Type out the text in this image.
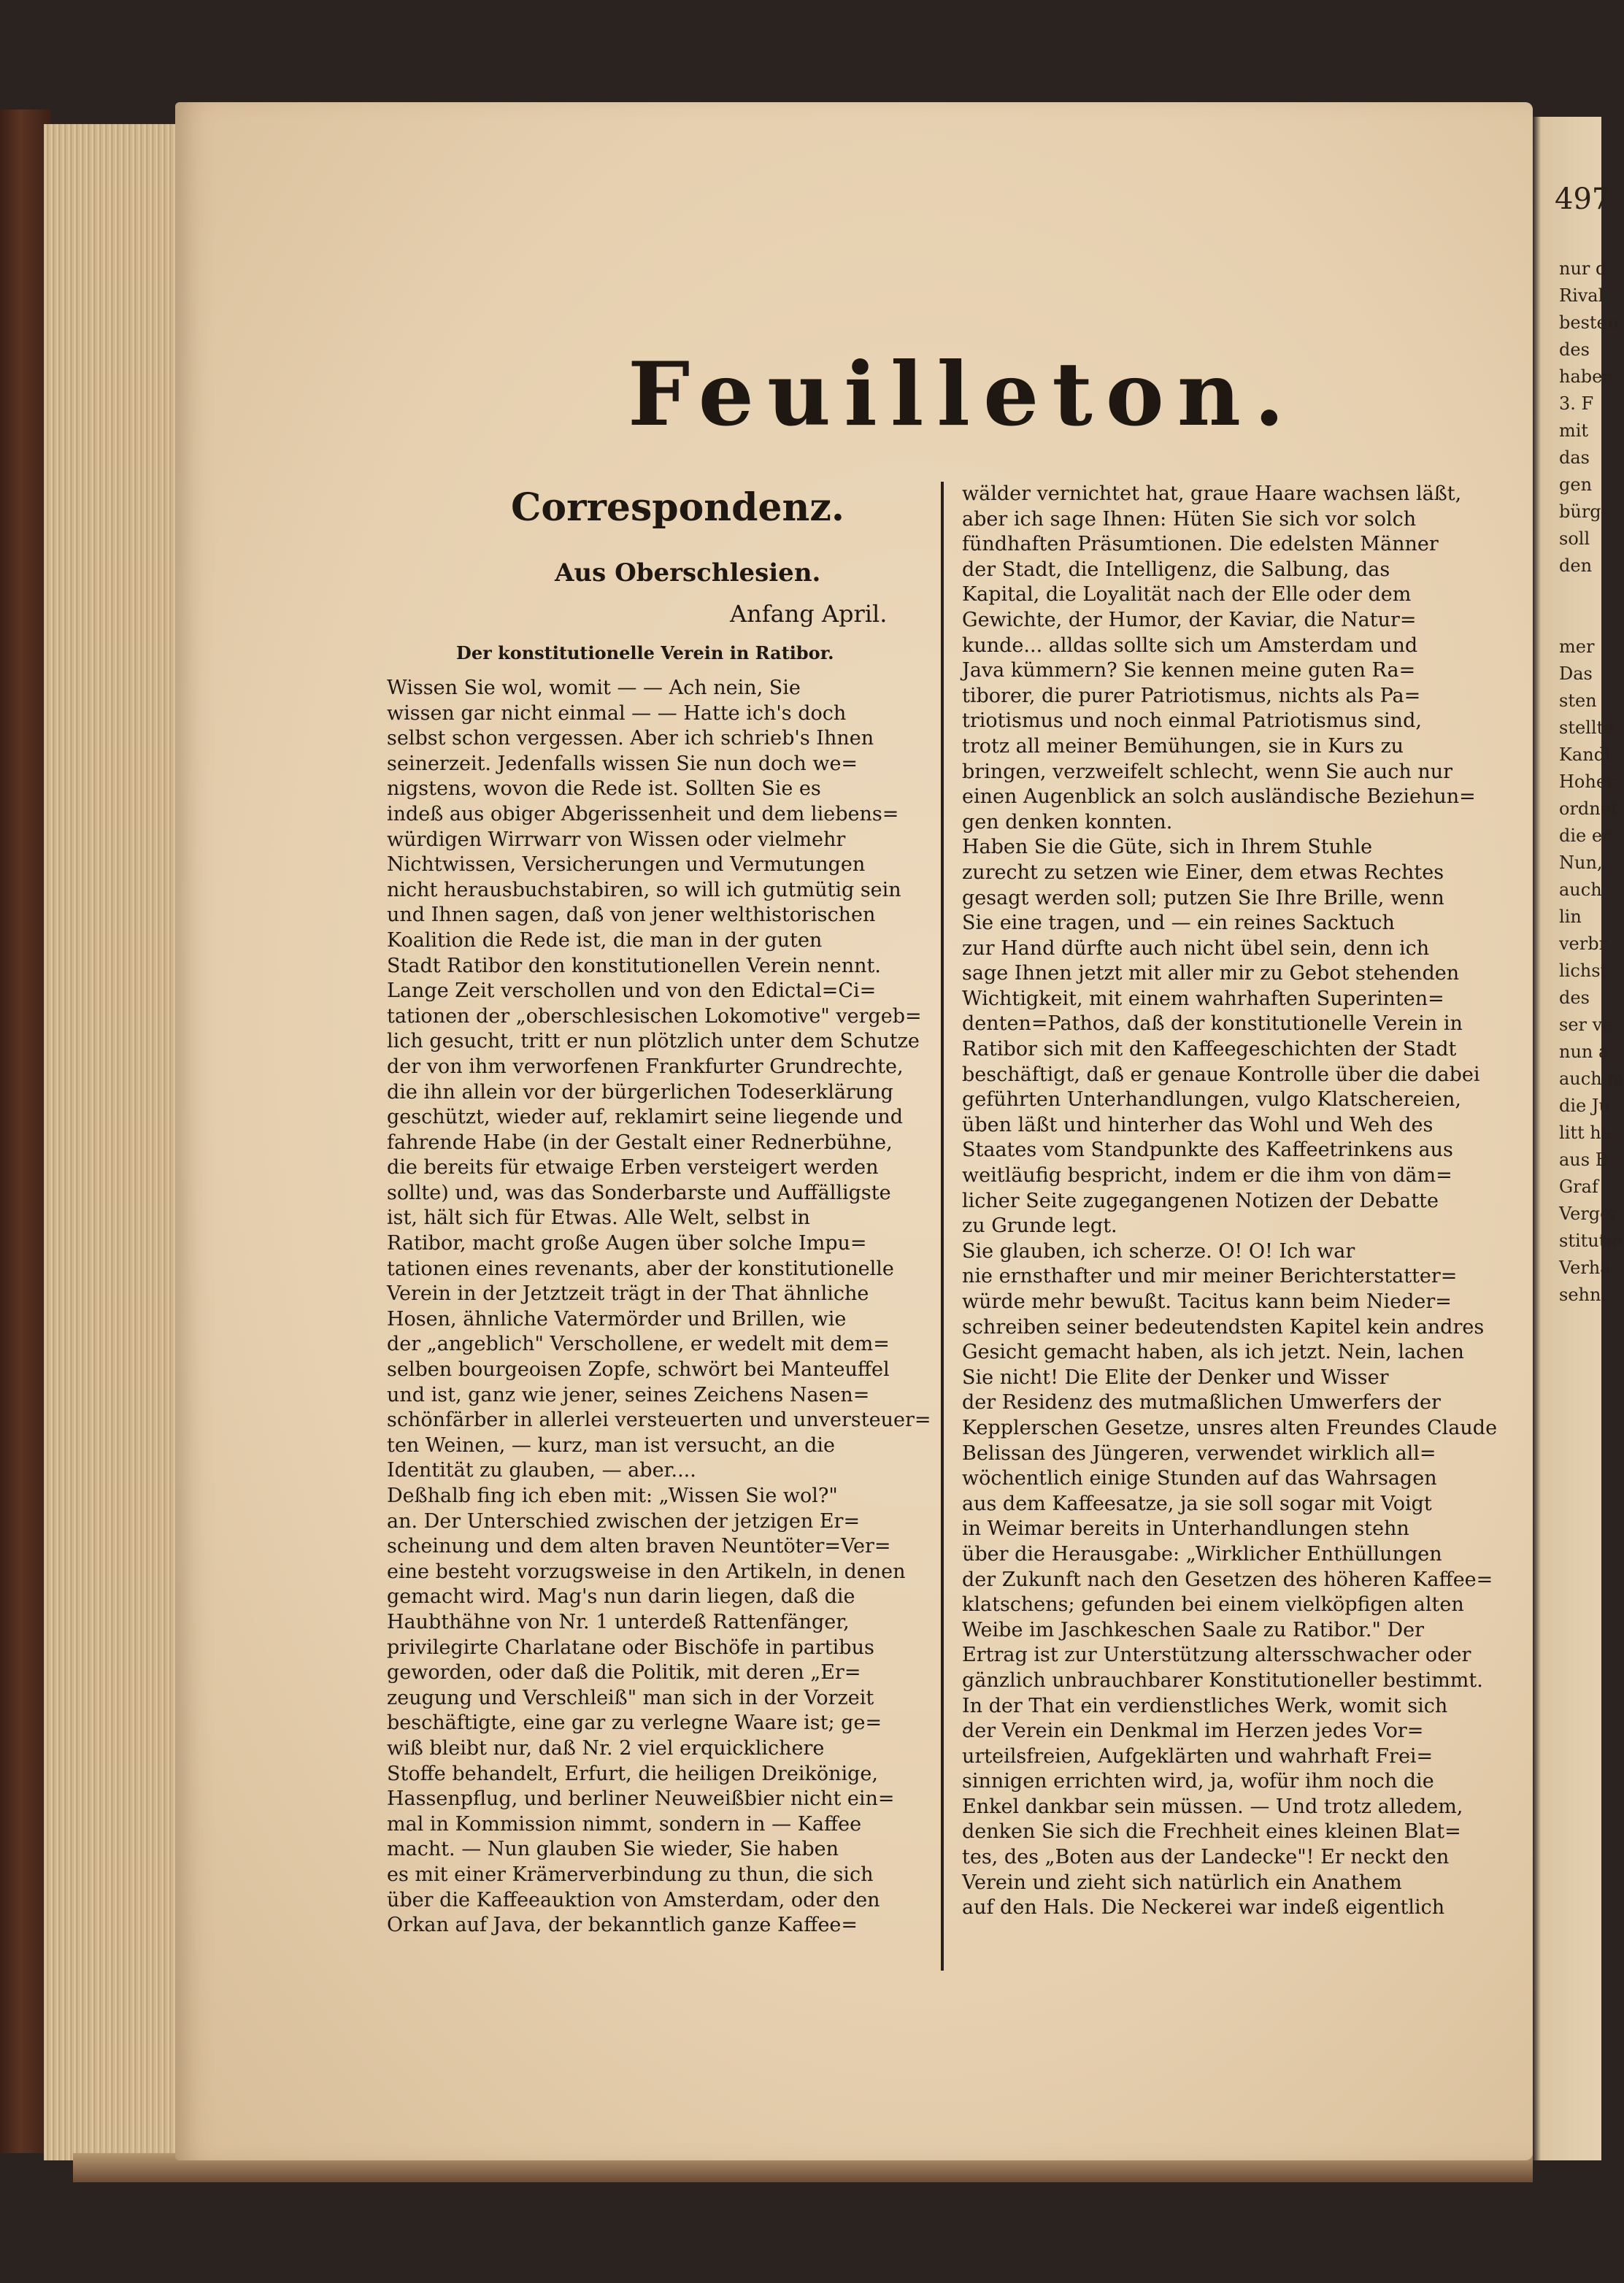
497
nur d
Rival
besten
des
haber
3. F
mit
das
gen
bürg
soll
den

mer
Das
sten
stellte
Kandi
Hoher
ordnet
die er
Nun,
auch
lin
verbr
lichst
des
ser ve
nun a
auch m
die Ju
litt ha
aus B
Graf
Verger
stitutio
Verhä
sehn.
Feuilleton.
Correspondenz.
Aus Oberschlesien.
Anfang April.
Der konstitutionelle Verein in Ratibor.
Wissen Sie wol, womit — — Ach nein, Sie
wissen gar nicht einmal — — Hatte ich's doch
selbst schon vergessen. Aber ich schrieb's Ihnen
seinerzeit. Jedenfalls wissen Sie nun doch we=
nigstens, wovon die Rede ist. Sollten Sie es
indeß aus obiger Abgerissenheit und dem liebens=
würdigen Wirrwarr von Wissen oder vielmehr
Nichtwissen, Versicherungen und Vermutungen
nicht herausbuchstabiren, so will ich gutmütig sein
und Ihnen sagen, daß von jener welthistorischen
Koalition die Rede ist, die man in der guten
Stadt Ratibor den konstitutionellen Verein nennt.
Lange Zeit verschollen und von den Edictal=Ci=
tationen der „oberschlesischen Lokomotive" vergeb=
lich gesucht, tritt er nun plötzlich unter dem Schutze
der von ihm verworfenen Frankfurter Grundrechte,
die ihn allein vor der bürgerlichen Todeserklärung
geschützt, wieder auf, reklamirt seine liegende und
fahrende Habe (in der Gestalt einer Rednerbühne,
die bereits für etwaige Erben versteigert werden
sollte) und, was das Sonderbarste und Auffälligste
ist, hält sich für Etwas. Alle Welt, selbst in
Ratibor, macht große Augen über solche Impu=
tationen eines revenants, aber der konstitutionelle
Verein in der Jetztzeit trägt in der That ähnliche
Hosen, ähnliche Vatermörder und Brillen, wie
der „angeblich" Verschollene, er wedelt mit dem=
selben bourgeoisen Zopfe, schwört bei Manteuffel
und ist, ganz wie jener, seines Zeichens Nasen=
schönfärber in allerlei versteuerten und unversteuer=
ten Weinen, — kurz, man ist versucht, an die
Identität zu glauben, — aber....
Deßhalb fing ich eben mit: „Wissen Sie wol?"
an. Der Unterschied zwischen der jetzigen Er=
scheinung und dem alten braven Neuntöter=Ver=
eine besteht vorzugsweise in den Artikeln, in denen
gemacht wird. Mag's nun darin liegen, daß die
Haubthähne von Nr. 1 unterdeß Rattenfänger,
privilegirte Charlatane oder Bischöfe in partibus
geworden, oder daß die Politik, mit deren „Er=
zeugung und Verschleiß" man sich in der Vorzeit
beschäftigte, eine gar zu verlegne Waare ist; ge=
wiß bleibt nur, daß Nr. 2 viel erquicklichere
Stoffe behandelt, Erfurt, die heiligen Dreikönige,
Hassenpflug, und berliner Neuweißbier nicht ein=
mal in Kommission nimmt, sondern in — Kaffee
macht. — Nun glauben Sie wieder, Sie haben
es mit einer Krämerverbindung zu thun, die sich
über die Kaffeeauktion von Amsterdam, oder den
Orkan auf Java, der bekanntlich ganze Kaffee=
wälder vernichtet hat, graue Haare wachsen läßt,
aber ich sage Ihnen: Hüten Sie sich vor solch
fündhaften Präsumtionen. Die edelsten Männer
der Stadt, die Intelligenz, die Salbung, das
Kapital, die Loyalität nach der Elle oder dem
Gewichte, der Humor, der Kaviar, die Natur=
kunde... alldas sollte sich um Amsterdam und
Java kümmern? Sie kennen meine guten Ra=
tiborer, die purer Patriotismus, nichts als Pa=
triotismus und noch einmal Patriotismus sind,
trotz all meiner Bemühungen, sie in Kurs zu
bringen, verzweifelt schlecht, wenn Sie auch nur
einen Augenblick an solch ausländische Beziehun=
gen denken konnten.
Haben Sie die Güte, sich in Ihrem Stuhle
zurecht zu setzen wie Einer, dem etwas Rechtes
gesagt werden soll; putzen Sie Ihre Brille, wenn
Sie eine tragen, und — ein reines Sacktuch
zur Hand dürfte auch nicht übel sein, denn ich
sage Ihnen jetzt mit aller mir zu Gebot stehenden
Wichtigkeit, mit einem wahrhaften Superinten=
denten=Pathos, daß der konstitutionelle Verein in
Ratibor sich mit den Kaffeegeschichten der Stadt
beschäftigt, daß er genaue Kontrolle über die dabei
geführten Unterhandlungen, vulgo Klatschereien,
üben läßt und hinterher das Wohl und Weh des
Staates vom Standpunkte des Kaffeetrinkens aus
weitläufig bespricht, indem er die ihm von däm=
licher Seite zugegangenen Notizen der Debatte
zu Grunde legt.
Sie glauben, ich scherze. O! O! Ich war
nie ernsthafter und mir meiner Berichterstatter=
würde mehr bewußt. Tacitus kann beim Nieder=
schreiben seiner bedeutendsten Kapitel kein andres
Gesicht gemacht haben, als ich jetzt. Nein, lachen
Sie nicht! Die Elite der Denker und Wisser
der Residenz des mutmaßlichen Umwerfers der
Kepplerschen Gesetze, unsres alten Freundes Claude
Belissan des Jüngeren, verwendet wirklich all=
wöchentlich einige Stunden auf das Wahrsagen
aus dem Kaffeesatze, ja sie soll sogar mit Voigt
in Weimar bereits in Unterhandlungen stehn
über die Herausgabe: „Wirklicher Enthüllungen
der Zukunft nach den Gesetzen des höheren Kaffee=
klatschens; gefunden bei einem vielköpfigen alten
Weibe im Jaschkeschen Saale zu Ratibor." Der
Ertrag ist zur Unterstützung altersschwacher oder
gänzlich unbrauchbarer Konstitutioneller bestimmt.
In der That ein verdienstliches Werk, womit sich
der Verein ein Denkmal im Herzen jedes Vor=
urteilsfreien, Aufgeklärten und wahrhaft Frei=
sinnigen errichten wird, ja, wofür ihm noch die
Enkel dankbar sein müssen. — Und trotz alledem,
denken Sie sich die Frechheit eines kleinen Blat=
tes, des „Boten aus der Landecke"! Er neckt den
Verein und zieht sich natürlich ein Anathem
auf den Hals. Die Neckerei war indeß eigentlich
